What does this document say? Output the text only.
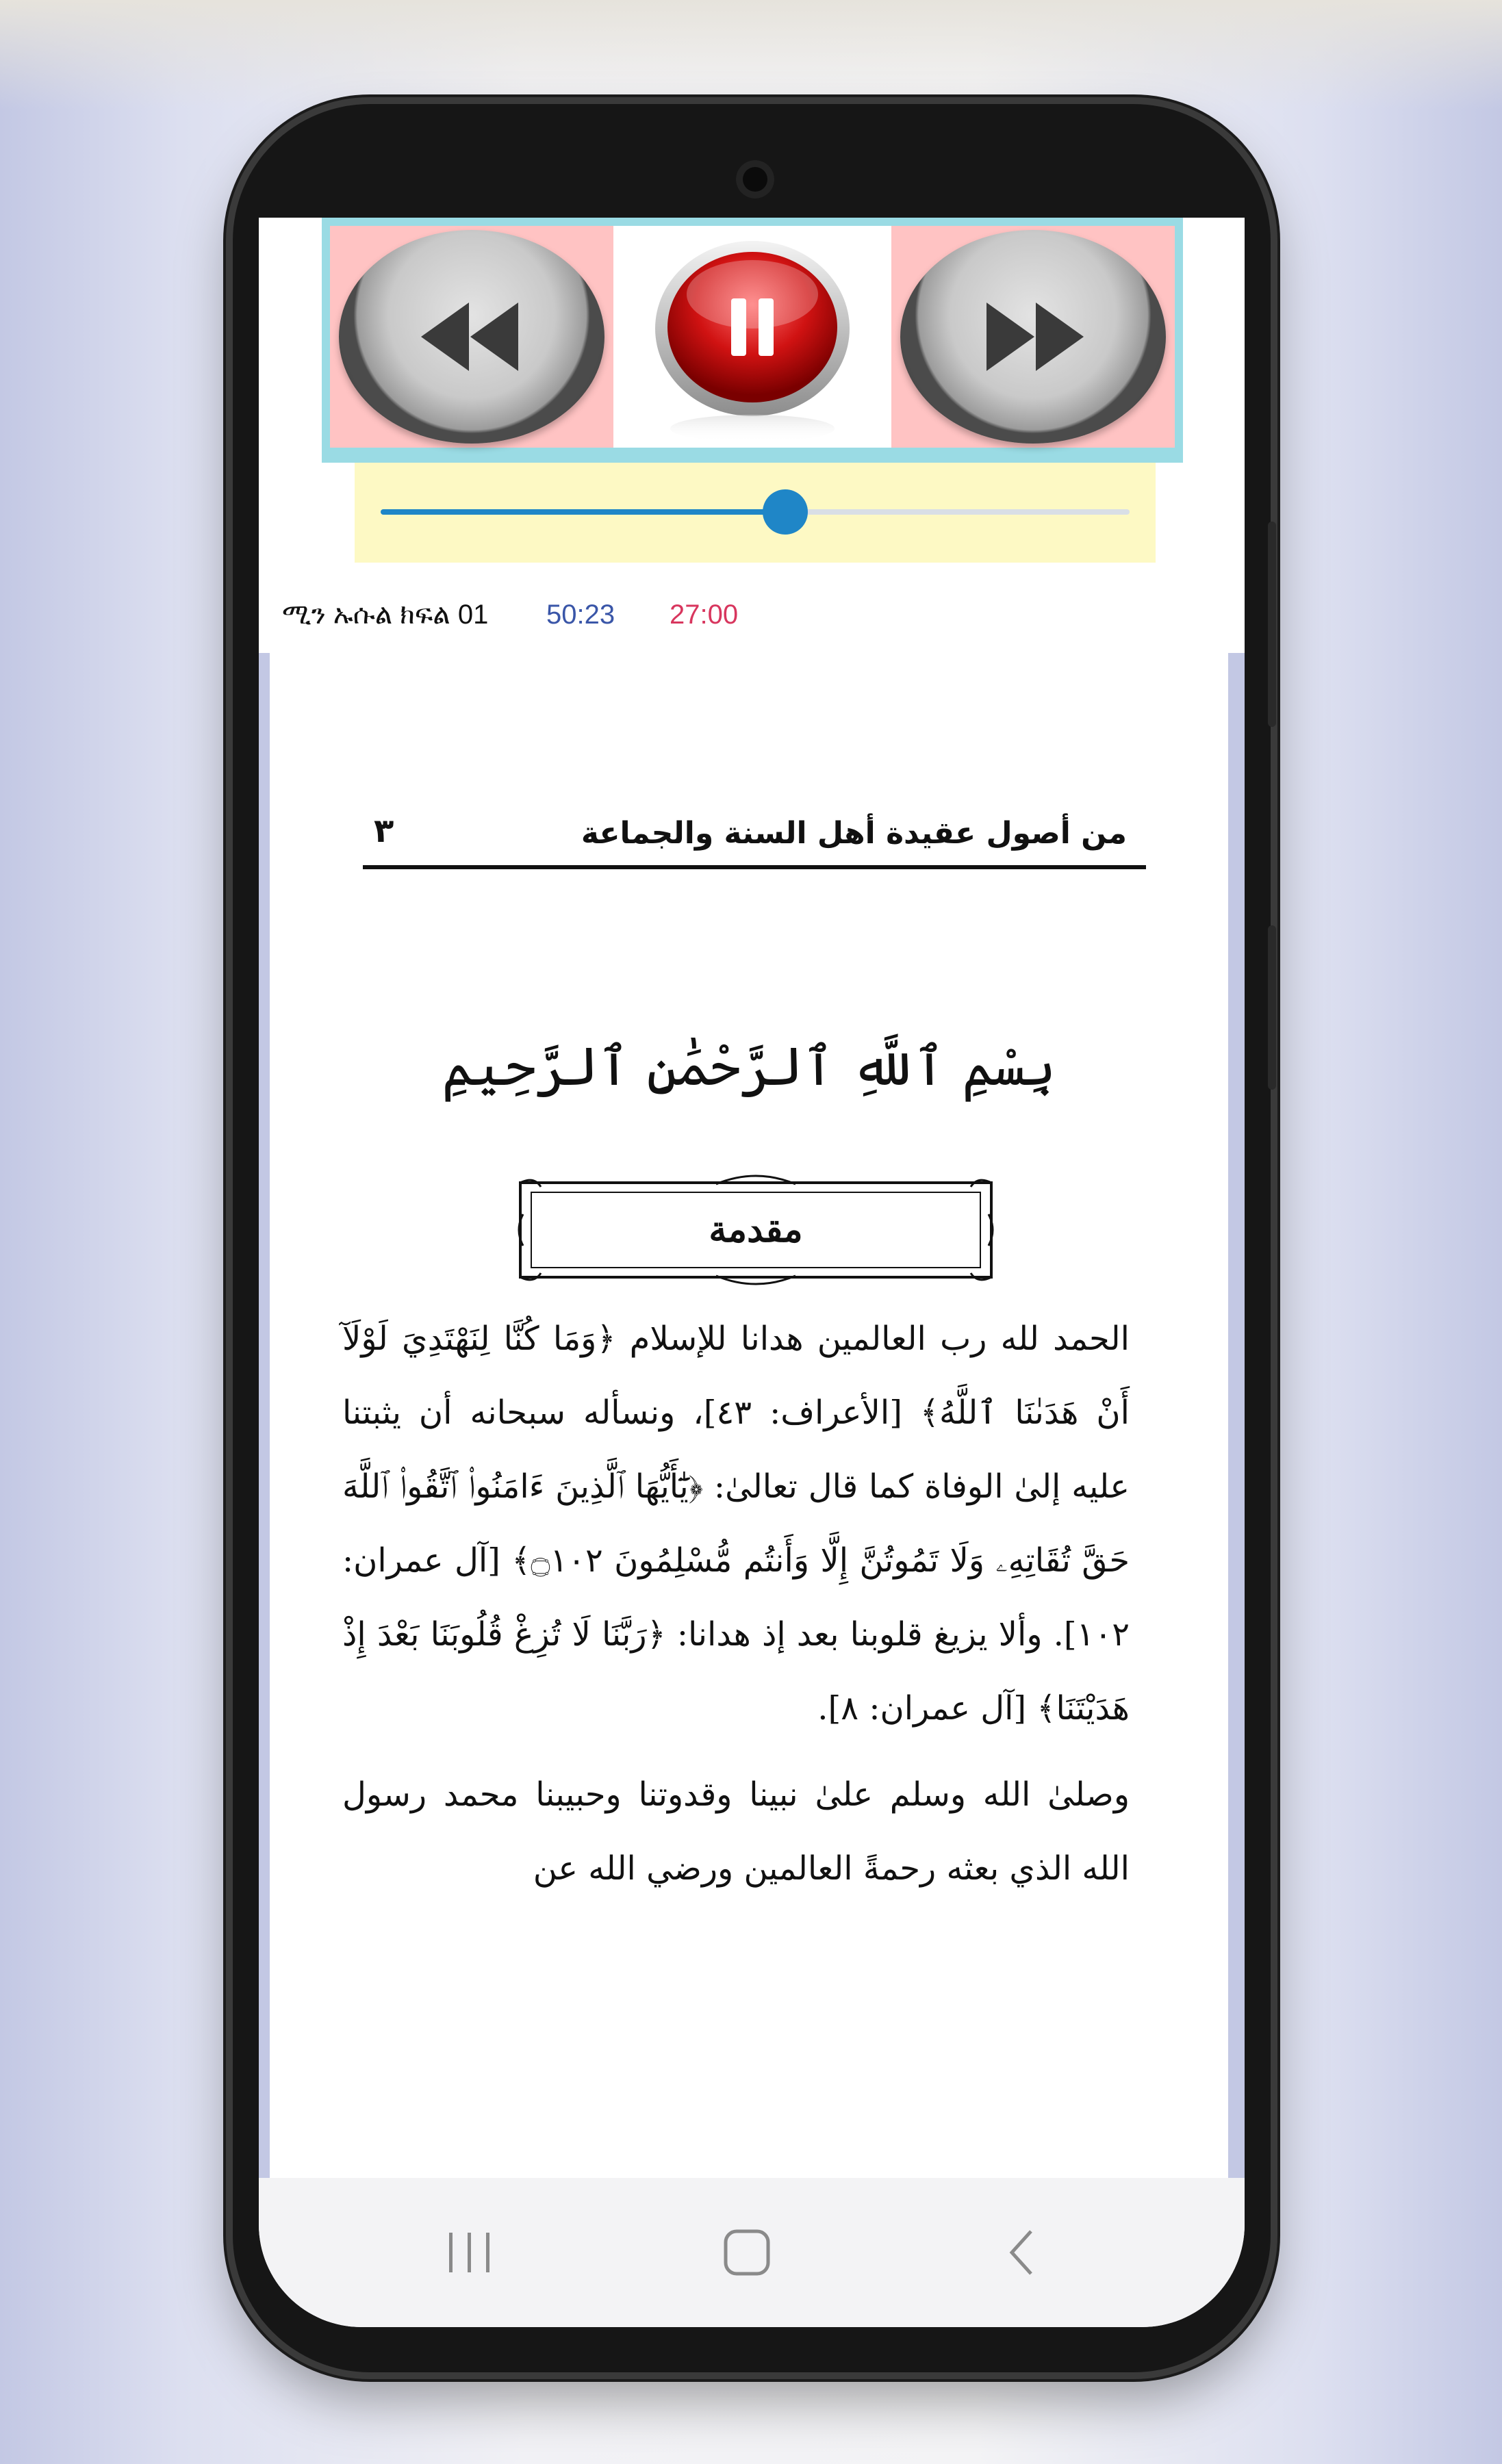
ሚን ኡሱል ክፍል 01 50:23 27:00
من أصول عقيدة أهل السنة والجماعة
٣
بِسْمِ ٱللَّهِ ٱلرَّحْمَٰنِ ٱلرَّحِيمِ
مقدمة
الحمد لله رب العالمين هدانا للإسلام ﴿وَمَا كُنَّا لِنَهْتَدِيَ لَوْلَآ أَنْ هَدَىٰنَا ٱللَّهُ﴾ [الأعراف: ٤٣]، ونسأله سبحانه أن يثبتنا عليه إلىٰ الوفاة كما قال تعالىٰ: ﴿يَٰٓأَيُّهَا ٱلَّذِينَ ءَامَنُوا۟ ٱتَّقُوا۟ ٱللَّهَ حَقَّ تُقَاتِهِۦ وَلَا تَمُوتُنَّ إِلَّا وَأَنتُم مُّسْلِمُونَ ۝١٠٢﴾ [آل عمران: ١٠٢]. وألا يزيغ قلوبنا بعد إذ هدانا: ﴿رَبَّنَا لَا تُزِغْ قُلُوبَنَا بَعْدَ إِذْ هَدَيْتَنَا﴾ [آل عمران: ٨].
وصلىٰ الله وسلم علىٰ نبينا وقدوتنا وحبيبنا محمد رسول الله الذي بعثه رحمةً العالمين ورضي الله عن
